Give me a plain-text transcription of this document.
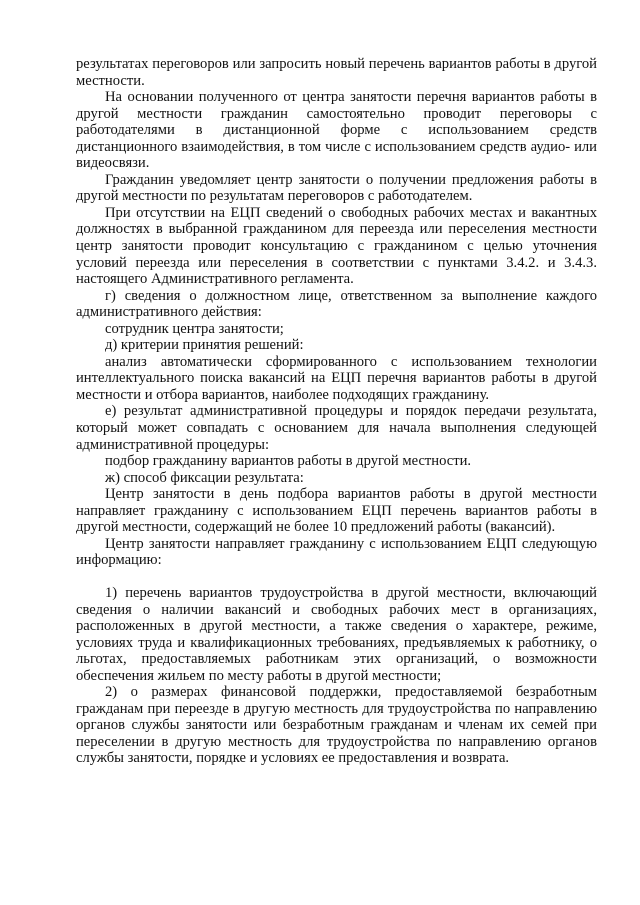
результатах переговоров или запросить новый перечень вариантов работы в другой местности.

На основании полученного от центра занятости перечня вариантов работы в другой местности гражданин самостоятельно проводит переговоры с работодателями в дистанционной форме с использованием средств дистанционного взаимодействия, в том числе с использованием средств аудио- или видеосвязи.

Гражданин уведомляет центр занятости о получении предложения работы в другой местности по результатам переговоров с работодателем.

При отсутствии на ЕЦП сведений о свободных рабочих местах и вакантных должностях в выбранной гражданином для переезда или переселения местности центр занятости проводит консультацию с гражданином с целью уточнения условий переезда или переселения в соответствии с пунктами 3.4.2. и 3.4.3. настоящего Административного регламента.

г) сведения о должностном лице, ответственном за выполнение каждого административного действия:

сотрудник центра занятости;

д) критерии принятия решений:

анализ автоматически сформированного с использованием технологии интеллектуального поиска вакансий на ЕЦП перечня вариантов работы в другой местности и отбора вариантов, наиболее подходящих гражданину.

е) результат административной процедуры и порядок передачи результата, который может совпадать с основанием для начала выполнения следующей административной процедуры:

подбор гражданину вариантов работы в другой местности.

ж) способ фиксации результата:

Центр занятости в день подбора вариантов работы в другой местности направляет гражданину с использованием ЕЦП перечень вариантов работы в другой местности, содержащий не более 10 предложений работы (вакансий).

Центр занятости направляет гражданину с использованием ЕЦП следующую информацию:

1) перечень вариантов трудоустройства в другой местности, включающий сведения о наличии вакансий и свободных рабочих мест в организациях, расположенных в другой местности, а также сведения о характере, режиме, условиях труда и квалификационных требованиях, предъявляемых к работнику, о льготах, предоставляемых работникам этих организаций, о возможности обеспечения жильем по месту работы в другой местности;

2) о размерах финансовой поддержки, предоставляемой безработным гражданам при переезде в другую местность для трудоустройства по направлению органов службы занятости или безработным гражданам и членам их семей при переселении в другую местность для трудоустройства по направлению органов службы занятости, порядке и условиях ее предоставления и возврата.
